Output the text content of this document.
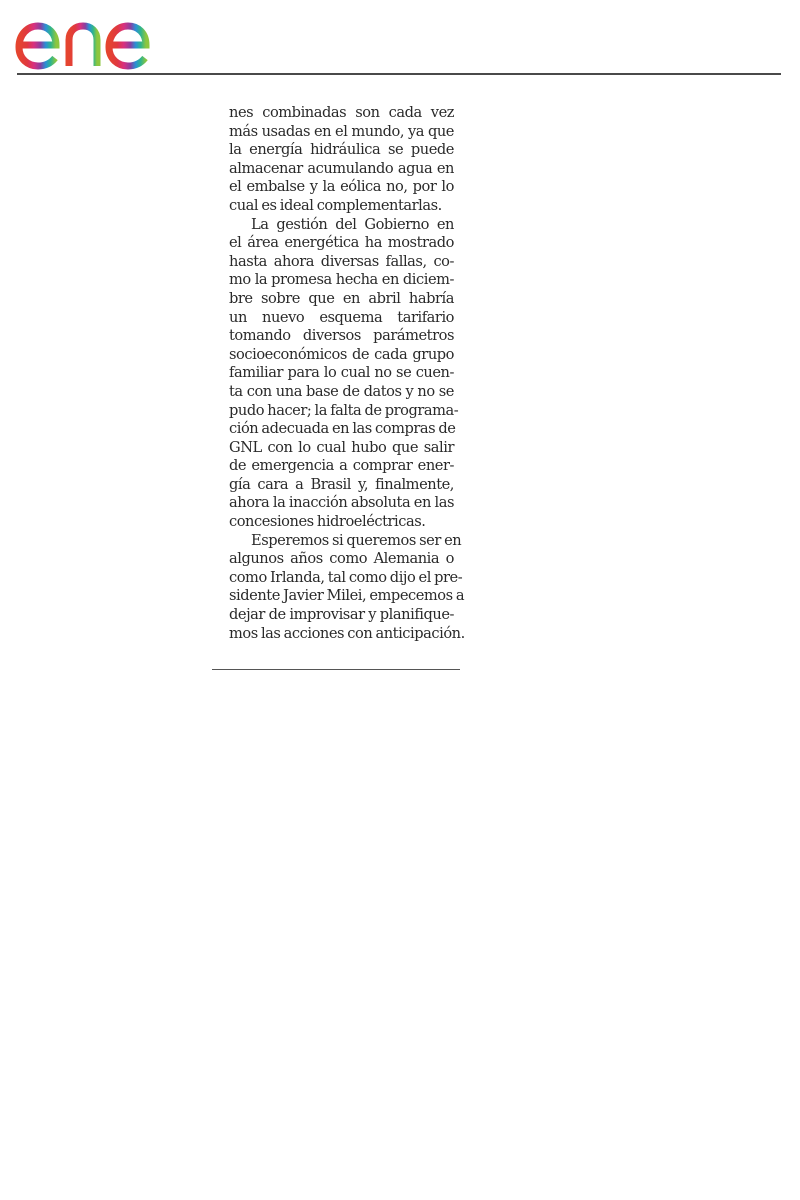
nes combinadas son cada vez
más usadas en el mundo, ya que
la energía hidráulica se puede
almacenar acumulando agua en
el embalse y la eólica no, por lo
cual es ideal complementarlas.
La gestión del Gobierno en
el área energética ha mostrado
hasta ahora diversas fallas, co-
mo la promesa hecha en diciem-
bre sobre que en abril habría
un nuevo esquema tarifario
tomando diversos parámetros
socioeconómicos de cada grupo
familiar para lo cual no se cuen-
ta con una base de datos y no se
pudo hacer; la falta de programa-
ción adecuada en las compras de
GNL con lo cual hubo que salir
de emergencia a comprar ener-
gía cara a Brasil y, finalmente,
ahora la inacción absoluta en las
concesiones hidroeléctricas.
Esperemos si queremos ser en
algunos años como Alemania o
como Irlanda, tal como dijo el pre-
sidente Javier Milei, empecemos a
dejar de improvisar y planifique-
mos las acciones con anticipación.
